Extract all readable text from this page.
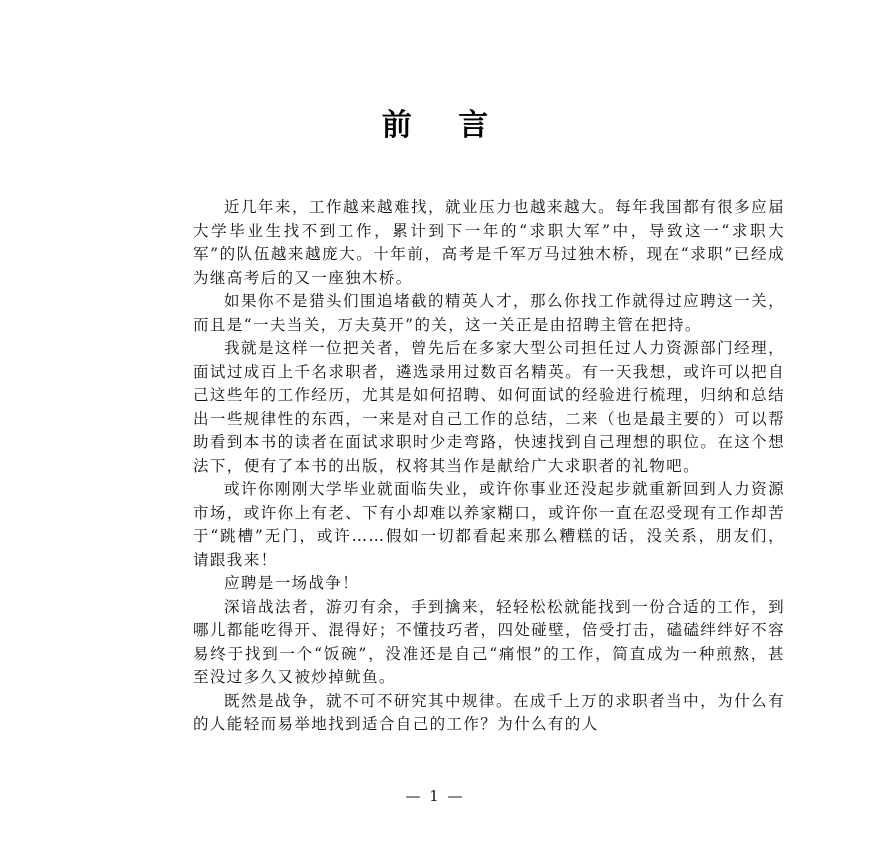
前 言

近几年来，工作越来越难找，就业压力也越来越大。每年我国都有很多应届大学毕业生找不到工作，累计到下一年的“求职大军”中，导致这一“求职大军”的队伍越来越庞大。十年前，高考是千军万马过独木桥，现在“求职”已经成为继高考后的又一座独木桥。

如果你不是猎头们围追堵截的精英人才，那么你找工作就得过应聘这一关，而且是“一夫当关，万夫莫开”的关，这一关正是由招聘主管在把持。

我就是这样一位把关者，曾先后在多家大型公司担任过人力资源部门经理，面试过成百上千名求职者，遴选录用过数百名精英。有一天我想，或许可以把自己这些年的工作经历，尤其是如何招聘、如何面试的经验进行梳理，归纳和总结出一些规律性的东西，一来是对自己工作的总结，二来（也是最主要的）可以帮助看到本书的读者在面试求职时少走弯路，快速找到自己理想的职位。在这个想法下，便有了本书的出版，权将其当作是献给广大求职者的礼物吧。

或许你刚刚大学毕业就面临失业，或许你事业还没起步就重新回到人力资源市场，或许你上有老、下有小却难以养家糊口，或许你一直在忍受现有工作却苦于“跳槽”无门，或许……假如一切都看起来那么糟糕的话，没关系，朋友们，请跟我来！

应聘是一场战争！

深谙战法者，游刃有余，手到擒来，轻轻松松就能找到一份合适的工作，到哪儿都能吃得开、混得好；不懂技巧者，四处碰壁，倍受打击，磕磕绊绊好不容易终于找到一个“饭碗”，没准还是自己“痛恨”的工作，简直成为一种煎熬，甚至没过多久又被炒掉鱿鱼。

既然是战争，就不可不研究其中规律。在成千上万的求职者当中，为什么有的人能轻而易举地找到适合自己的工作？为什么有的人

— 1 —
